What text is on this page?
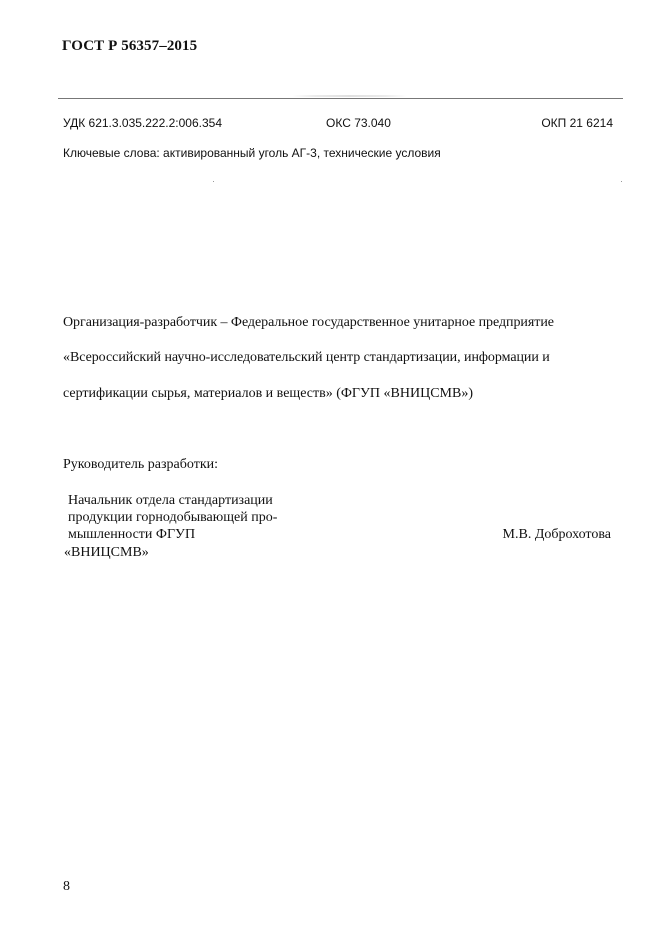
ГОСТ Р 56357–2015
УДК 621.3.035.222.2:006.354	ОКС 73.040	ОКП 21 6214
Ключевые слова: активированный уголь АГ-3, технические условия
Организация-разработчик – Федеральное государственное унитарное предприятие
«Всероссийский научно-исследовательский центр стандартизации, информации и
сертификации сырья, материалов и веществ» (ФГУП «ВНИЦСМВ»)
Руководитель разработки:
Начальник отдела стандартизации
продукции горнодобывающей про-
мышленности ФГУП
«ВНИЦСМВ»
М.В. Доброхотова
8
